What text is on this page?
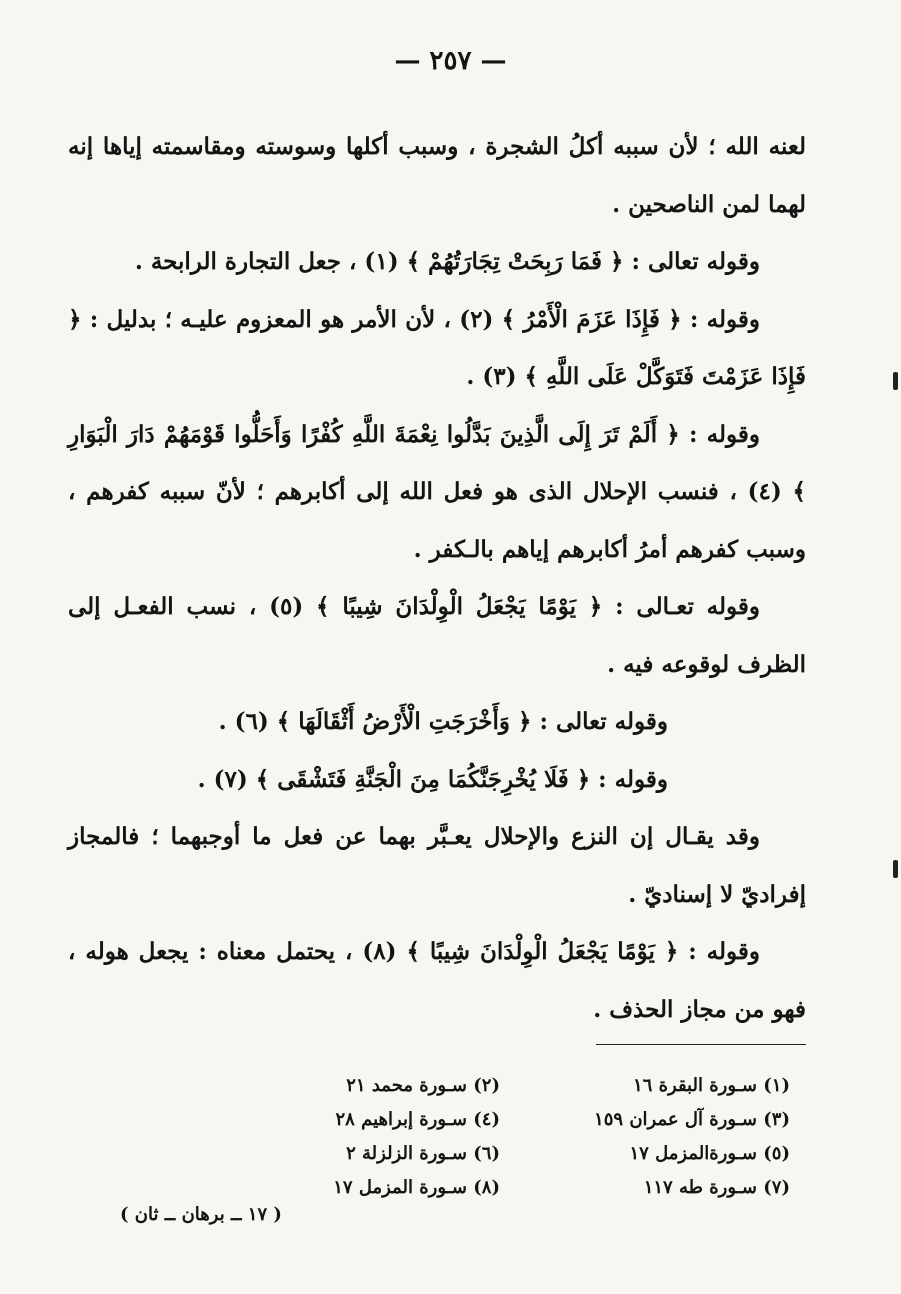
— ٢٥٧ —

لعنه الله ؛ لأن سببه أكلُ الشجرة ، وسبب أكلها وسوسته ومقاسمته إياها إنه لهما لمن الناصحين .

وقوله تعالى : ﴿ فَمَا رَبِحَتْ تِجَارَتُهُمْ ﴾ (١) ، جعل التجارة الرابحة .

وقوله : ﴿ فَإِذَا عَزَمَ الْأَمْرُ ﴾ (٢) ، لأن الأمر هو المعزوم عليـه ؛ بدليل : ﴿ فَإِذَا عَزَمْتَ فَتَوَكَّلْ عَلَى اللَّهِ ﴾ (٣) .

وقوله : ﴿ أَلَمْ تَرَ إِلَى الَّذِينَ بَدَّلُوا نِعْمَةَ اللَّهِ كُفْرًا وَأَحَلُّوا قَوْمَهُمْ دَارَ الْبَوَارِ ﴾ (٤) ، فنسب الإحلال الذى هو فعل الله إلى أكابرهم ؛ لأنّ سببه كفرهم ، وسبب كفرهم أمرُ أكابرهم إياهم بالـكفر .

وقوله تعـالى : ﴿ يَوْمًا يَجْعَلُ الْوِلْدَانَ شِيبًا ﴾ (٥) ، نسب الفعـل إلى الظرف لوقوعه فيه .

وقوله تعالى : ﴿ وَأَخْرَجَتِ الْأَرْضُ أَثْقَالَهَا ﴾ (٦) .

وقوله : ﴿ فَلَا يُخْرِجَنَّكُمَا مِنَ الْجَنَّةِ فَتَشْقَى ﴾ (٧) .

وقد يقـال إن النزع والإحلال يعـبَّر بهما عن فعل ما أوجبهما ؛ فالمجاز إفراديّ لا إسناديّ .

وقوله : ﴿ يَوْمًا يَجْعَلُ الْوِلْدَانَ شِيبًا ﴾ (٨) ، يحتمل معناه : يجعل هوله ، فهو من مجاز الحذف .

(١) سـورة البقرة ١٦
(٢) سـورة محمد ٢١
(٣) سـورة آل عمران ١٥٩
(٤) سـورة إبراهيم ٢٨
(٥) سـورةالمزمل ١٧
(٦) سـورة الزلزلة ٢
(٧) سـورة طه ١١٧
(٨) سـورة المزمل ١٧
( ١٧ ــ برهان ــ ثان )
